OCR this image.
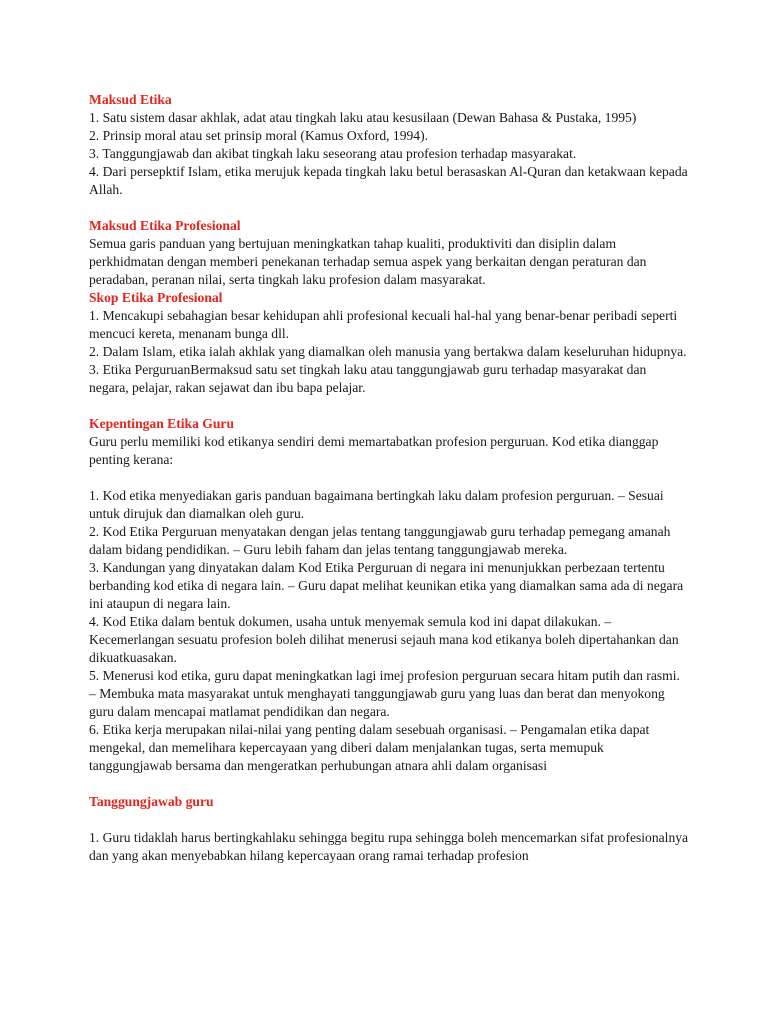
Maksud Etika

1. Satu sistem dasar akhlak, adat atau tingkah laku atau kesusilaan (Dewan Bahasa & Pustaka, 1995)

2. Prinsip moral atau set prinsip moral (Kamus Oxford, 1994).

3. Tanggungjawab dan akibat tingkah laku seseorang atau profesion terhadap masyarakat.

4. Dari persepktif Islam, etika merujuk kepada tingkah laku betul berasaskan Al-Quran dan ketakwaan kepada Allah.

Maksud Etika Profesional

Semua garis panduan yang bertujuan meningkatkan tahap kualiti, produktiviti dan disiplin dalam perkhidmatan dengan memberi penekanan terhadap semua aspek yang berkaitan dengan peraturan dan peradaban, peranan nilai, serta tingkah laku profesion dalam masyarakat.

Skop Etika Profesional

1. Mencakupi sebahagian besar kehidupan ahli profesional kecuali hal-hal yang benar-benar peribadi seperti mencuci kereta, menanam bunga dll.

2. Dalam Islam, etika ialah akhlak yang diamalkan oleh manusia yang bertakwa dalam keseluruhan hidupnya.

3. Etika PerguruanBermaksud satu set tingkah laku atau tanggungjawab guru terhadap masyarakat dan negara, pelajar, rakan sejawat dan ibu bapa pelajar.

Kepentingan Etika Guru

Guru perlu memiliki kod etikanya sendiri demi memartabatkan profesion perguruan. Kod etika dianggap penting kerana:

1. Kod etika menyediakan garis panduan bagaimana bertingkah laku dalam profesion perguruan. – Sesuai untuk dirujuk dan diamalkan oleh guru.

2. Kod Etika Perguruan menyatakan dengan jelas tentang tanggungjawab guru terhadap pemegang amanah dalam bidang pendidikan. – Guru lebih faham dan jelas tentang tanggungjawab mereka.

3. Kandungan yang dinyatakan dalam Kod Etika Perguruan di negara ini menunjukkan perbezaan tertentu berbanding kod etika di negara lain. – Guru dapat melihat keunikan etika yang diamalkan sama ada di negara ini ataupun di negara lain.

4. Kod Etika dalam bentuk dokumen, usaha untuk menyemak semula kod ini dapat dilakukan. – Kecemerlangan sesuatu profesion boleh dilihat menerusi sejauh mana kod etikanya boleh dipertahankan dan dikuatkuasakan.

5. Menerusi kod etika, guru dapat meningkatkan lagi imej profesion perguruan secara hitam putih dan rasmi. – Membuka mata masyarakat untuk menghayati tanggungjawab guru yang luas dan berat dan menyokong guru dalam mencapai matlamat pendidikan dan negara.

6. Etika kerja merupakan nilai-nilai yang penting dalam sesebuah organisasi. – Pengamalan etika dapat mengekal, dan memelihara kepercayaan yang diberi dalam menjalankan tugas, serta memupuk tanggungjawab bersama dan mengeratkan perhubungan atnara ahli dalam organisasi

Tanggungjawab guru

1. Guru tidaklah harus bertingkahlaku sehingga begitu rupa sehingga boleh mencemarkan sifat profesionalnya dan yang akan menyebabkan hilang kepercayaan orang ramai terhadap profesion
